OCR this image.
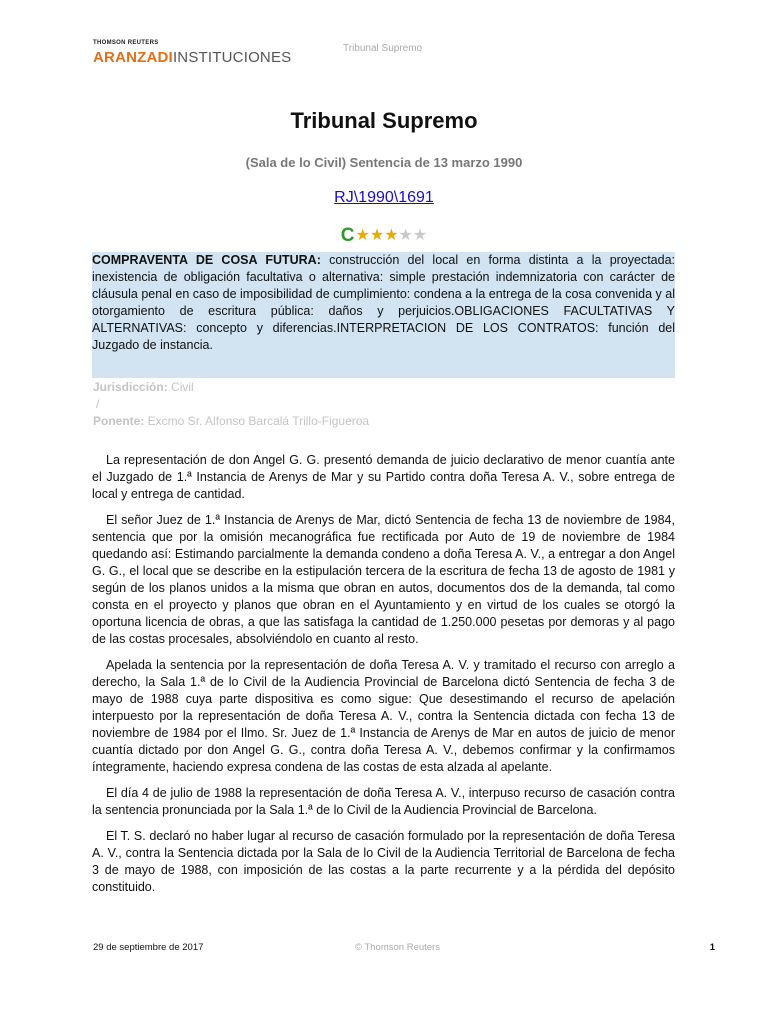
THOMSON REUTERS
ARANZADIINSTITUCIONES
Tribunal Supremo
Tribunal Supremo
(Sala de lo Civil) Sentencia de 13 marzo 1990
RJ\1990\1691
C ★★★★★
COMPRAVENTA DE COSA FUTURA: construcción del local en forma distinta a la proyectada: inexistencia de obligación facultativa o alternativa: simple prestación indemnizatoria con carácter de cláusula penal en caso de imposibilidad de cumplimiento: condena a la entrega de la cosa convenida y al otorgamiento de escritura pública: daños y perjuicios.OBLIGACIONES FACULTATIVAS Y ALTERNATIVAS: concepto y diferencias.INTERPRETACION DE LOS CONTRATOS: función del Juzgado de instancia.
Jurisdicción: Civil
/
Ponente: Excmo Sr. Alfonso Barcalá Trillo-Figueroa

La representación de don Angel G. G. presentó demanda de juicio declarativo de menor cuantía ante el Juzgado de 1.ª Instancia de Arenys de Mar y su Partido contra doña Teresa A. V., sobre entrega de local y entrega de cantidad.

El señor Juez de 1.ª Instancia de Arenys de Mar, dictó Sentencia de fecha 13 de noviembre de 1984, sentencia que por la omisión mecanográfica fue rectificada por Auto de 19 de noviembre de 1984 quedando así: Estimando parcialmente la demanda condeno a doña Teresa A. V., a entregar a don Angel G. G., el local que se describe en la estipulación tercera de la escritura de fecha 13 de agosto de 1981 y según de los planos unidos a la misma que obran en autos, documentos dos de la demanda, tal como consta en el proyecto y planos que obran en el Ayuntamiento y en virtud de los cuales se otorgó la oportuna licencia de obras, a que las satisfaga la cantidad de 1.250.000 pesetas por demoras y al pago de las costas procesales, absolviéndolo en cuanto al resto.

Apelada la sentencia por la representación de doña Teresa A. V. y tramitado el recurso con arreglo a derecho, la Sala 1.ª de lo Civil de la Audiencia Provincial de Barcelona dictó Sentencia de fecha 3 de mayo de 1988 cuya parte dispositiva es como sigue: Que desestimando el recurso de apelación interpuesto por la representación de doña Teresa A. V., contra la Sentencia dictada con fecha 13 de noviembre de 1984 por el Ilmo. Sr. Juez de 1.ª Instancia de Arenys de Mar en autos de juicio de menor cuantía dictado por don Angel G. G., contra doña Teresa A. V., debemos confirmar y la confirmamos íntegramente, haciendo expresa condena de las costas de esta alzada al apelante.

El día 4 de julio de 1988 la representación de doña Teresa A. V., interpuso recurso de casación contra la sentencia pronunciada por la Sala 1.ª de lo Civil de la Audiencia Provincial de Barcelona.

El T. S. declaró no haber lugar al recurso de casación formulado por la representación de doña Teresa A. V., contra la Sentencia dictada por la Sala de lo Civil de la Audiencia Territorial de Barcelona de fecha 3 de mayo de 1988, con imposición de las costas a la parte recurrente y a la pérdida del depósito constituido.

29 de septiembre de 2017	© Thomson Reuters	1
